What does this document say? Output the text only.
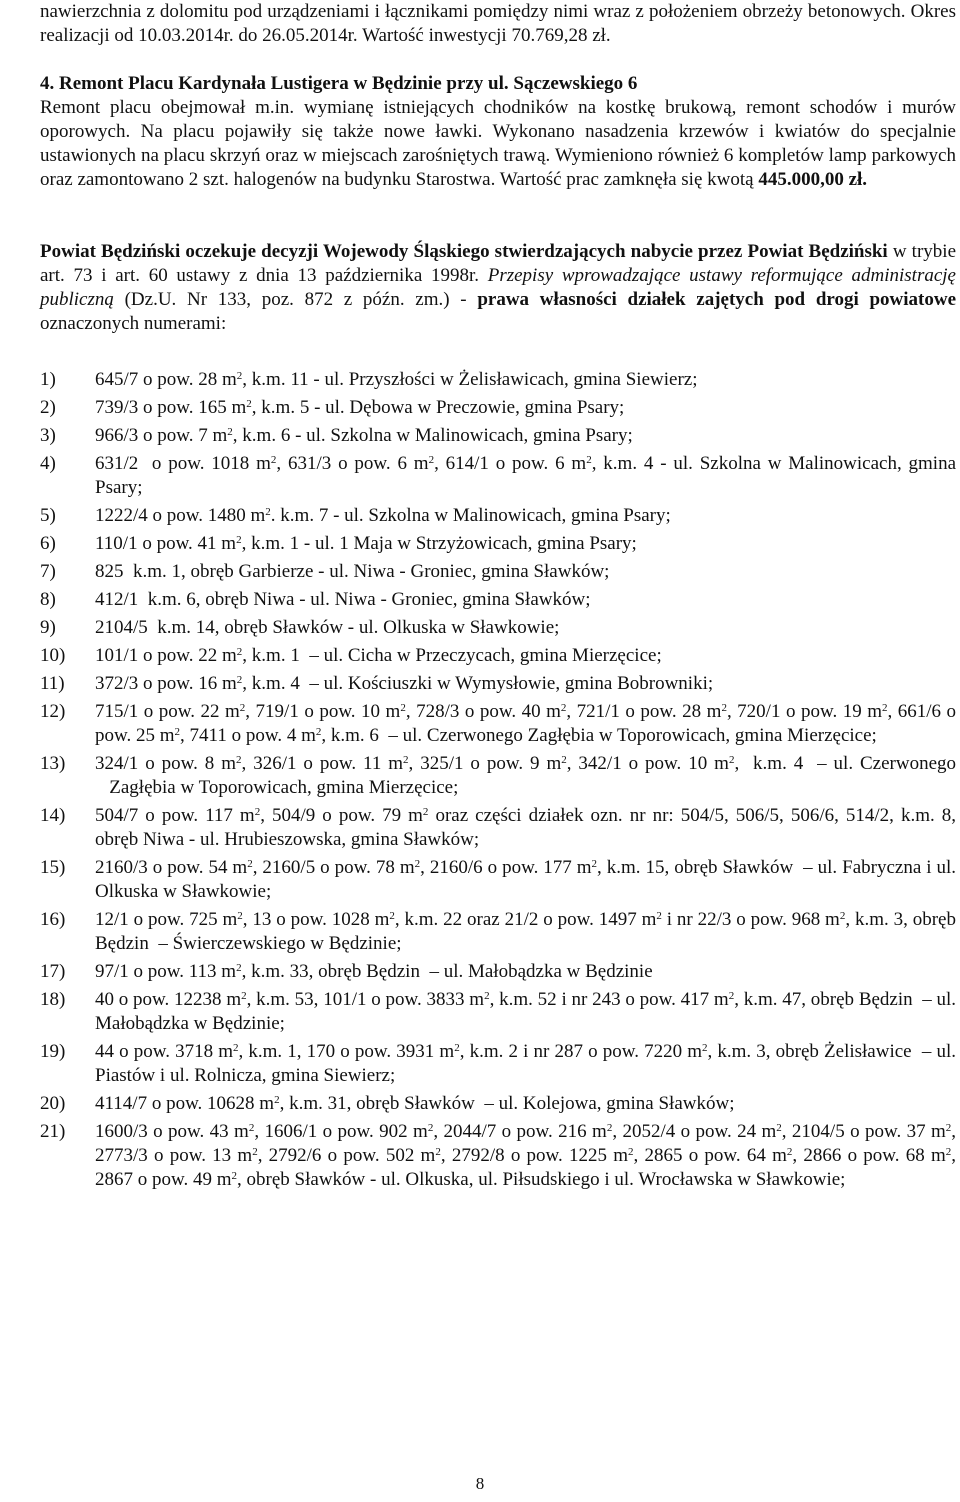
nawierzchnia z dolomitu pod urządzeniami i łącznikami pomiędzy nimi wraz z położeniem obrzeży betonowych. Okres realizacji od 10.03.2014r. do 26.05.2014r. Wartość inwestycji 70.769,28 zł.

4. Remont Placu Kardynała Lustigera w Będzinie przy ul. Sączewskiego 6

Remont placu obejmował m.in. wymianę istniejących chodników na kostkę brukową, remont schodów i murów oporowych. Na placu pojawiły się także nowe ławki. Wykonano nasadzenia krzewów i kwiatów do specjalnie ustawionych na placu skrzyń oraz w miejscach zarośniętych trawą. Wymieniono również 6 kompletów lamp parkowych oraz zamontowano 2 szt. halogenów na budynku Starostwa. Wartość prac zamknęła się kwotą 445.000,00 zł.

Powiat Będziński oczekuje decyzji Wojewody Śląskiego stwierdzających nabycie przez Powiat Będziński w trybie art. 73 i art. 60 ustawy z dnia 13 października 1998r. Przepisy wprowadzające ustawy reformujące administrację publiczną (Dz.U. Nr 133, poz. 872 z późn. zm.) - prawa własności działek zajętych pod drogi powiatowe oznaczonych numerami:

1) 645/7 o pow. 28 $m^2$, k.m. 11 - ul. Przyszłości w Żelisławicach, gmina Siewierz;
2) 739/3 o pow. 165 $m^2$, k.m. 5 - ul. Dębowa w Preczowie, gmina Psary;
3) 966/3 o pow. 7 $m^2$, k.m. 6 - ul. Szkolna w Malinowicach, gmina Psary;
4) 631/2  o pow. 1018 $m^2$, 631/3 o pow. 6 $m^2$, 614/1 o pow. 6 $m^2$, k.m. 4 - ul. Szkolna w Malinowicach, gmina Psary;
5) 1222/4 o pow. 1480 $m^2$. k.m. 7 - ul. Szkolna w Malinowicach, gmina Psary;
6) 110/1 o pow. 41 $m^2$, k.m. 1 - ul. 1 Maja w Strzyżowicach, gmina Psary;
7) 825  k.m. 1, obręb Garbierze - ul. Niwa - Groniec, gmina Sławków;
8) 412/1  k.m. 6, obręb Niwa - ul. Niwa - Groniec, gmina Sławków;
9) 2104/5  k.m. 14, obręb Sławków - ul. Olkuska w Sławkowie;
10) 101/1 o pow. 22 $m^2$, k.m. 1  – ul. Cicha w Przeczycach, gmina Mierzęcice;
11) 372/3 o pow. 16 $m^2$, k.m. 4  – ul. Kościuszki w Wymysłowie, gmina Bobrowniki;
12) 715/1 o pow. 22 $m^2$, 719/1 o pow. 10 $m^2$, 728/3 o pow. 40 $m^2$, 721/1 o pow. 28 $m^2$, 720/1 o pow. 19 $m^2$, 661/6 o pow. 25 $m^2$, 7411 o pow. 4 $m^2$, k.m. 6  – ul. Czerwonego Zagłębia w Toporowicach, gmina Mierzęcice;
13) 324/1 o pow. 8 $m^2$, 326/1 o pow. 11 $m^2$, 325/1 o pow. 9 $m^2$, 342/1 o pow. 10 $m^2$,  k.m. 4  – ul. Czerwonego    Zagłębia w Toporowicach, gmina Mierzęcice;
14) 504/7 o pow. 117 $m^2$, 504/9 o pow. 79 $m^2$ oraz części działek ozn. nr nr: 504/5, 506/5, 506/6, 514/2, k.m. 8, obręb Niwa - ul. Hrubieszowska, gmina Sławków;
15) 2160/3 o pow. 54 $m^2$, 2160/5 o pow. 78 $m^2$, 2160/6 o pow. 177 $m^2$, k.m. 15, obręb Sławków  – ul. Fabryczna i ul. Olkuska w Sławkowie;
16) 12/1 o pow. 725 $m^2$, 13 o pow. 1028 $m^2$, k.m. 22 oraz 21/2 o pow. 1497 $m^2$ i nr 22/3 o pow. 968 $m^2$, k.m. 3, obręb Będzin  – Świerczewskiego w Będzinie;
17) 97/1 o pow. 113 $m^2$, k.m. 33, obręb Będzin  – ul. Małobądzka w Będzinie
18) 40 o pow. 12238 $m^2$, k.m. 53, 101/1 o pow. 3833 $m^2$, k.m. 52 i nr 243 o pow. 417 $m^2$, k.m. 47, obręb Będzin  – ul. Małobądzka w Będzinie;
19) 44 o pow. 3718 $m^2$, k.m. 1, 170 o pow. 3931 $m^2$, k.m. 2 i nr 287 o pow. 7220 $m^2$, k.m. 3, obręb Żelisławice  – ul. Piastów i ul. Rolnicza, gmina Siewierz;
20) 4114/7 o pow. 10628 $m^2$, k.m. 31, obręb Sławków  – ul. Kolejowa, gmina Sławków;
21) 1600/3 o pow. 43 $m^2$, 1606/1 o pow. 902 $m^2$, 2044/7 o pow. 216 $m^2$, 2052/4 o pow. 24 $m^2$, 2104/5 o pow. 37 $m^2$, 2773/3 o pow. 13 $m^2$, 2792/6 o pow. 502 $m^2$, 2792/8 o pow. 1225 $m^2$, 2865 o pow. 64 $m^2$, 2866 o pow. 68 $m^2$, 2867 o pow. 49 $m^2$, obręb Sławków - ul. Olkuska, ul. Piłsudskiego i ul. Wrocławska w Sławkowie;
8
